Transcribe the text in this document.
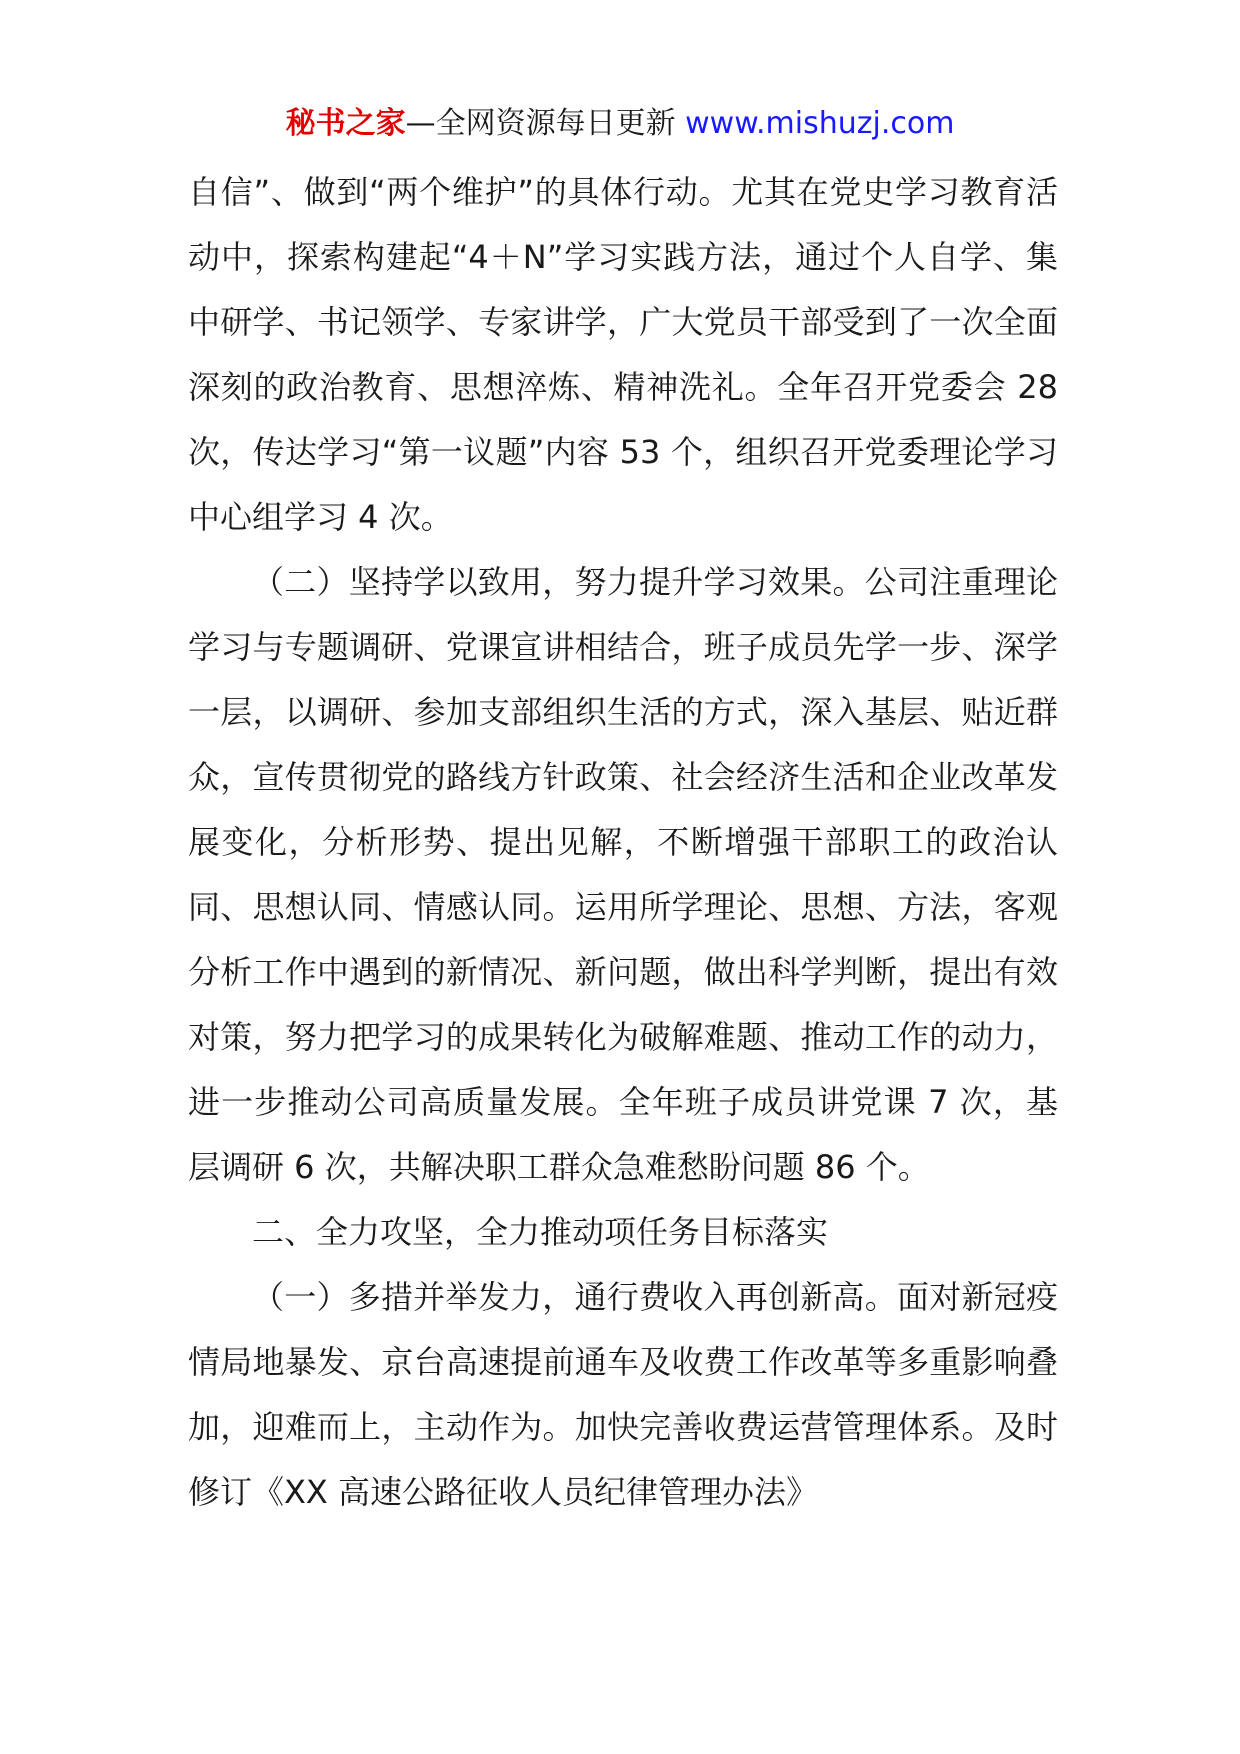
秘书之家—全网资源每日更新 www.mishuzj.com

自信”、做到“两个维护”的具体行动。尤其在党史学习教育活动中，探索构建起“4＋N”学习实践方法，通过个人自学、集中研学、书记领学、专家讲学，广大党员干部受到了一次全面深刻的政治教育、思想淬炼、精神洗礼。全年召开党委会 28 次，传达学习“第一议题”内容 53 个，组织召开党委理论学习中心组学习 4 次。

（二）坚持学以致用，努力提升学习效果。公司注重理论学习与专题调研、党课宣讲相结合，班子成员先学一步、深学一层，以调研、参加支部组织生活的方式，深入基层、贴近群众，宣传贯彻党的路线方针政策、社会经济生活和企业改革发展变化，分析形势、提出见解，不断增强干部职工的政治认同、思想认同、情感认同。运用所学理论、思想、方法，客观分析工作中遇到的新情况、新问题，做出科学判断，提出有效对策，努力把学习的成果转化为破解难题、推动工作的动力，进一步推动公司高质量发展。全年班子成员讲党课 7 次，基层调研 6 次，共解决职工群众急难愁盼问题 86 个。

二、全力攻坚，全力推动项任务目标落实

（一）多措并举发力，通行费收入再创新高。面对新冠疫情局地暴发、京台高速提前通车及收费工作改革等多重影响叠加，迎难而上，主动作为。加快完善收费运营管理体系。及时修订《XX 高速公路征收人员纪律管理办法》
